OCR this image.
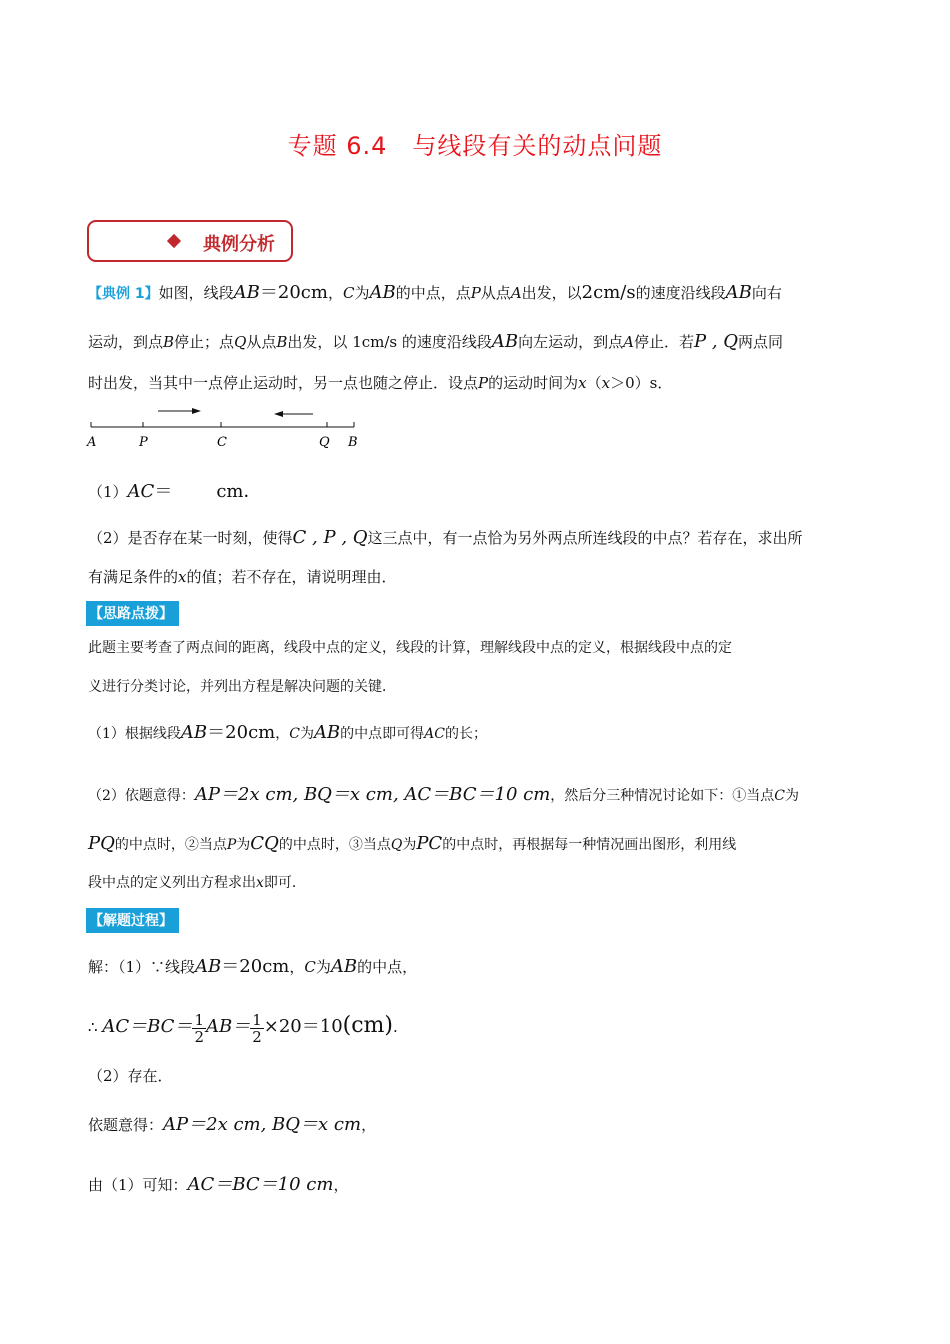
专题 6.4　与线段有关的动点问题
典例分析
【典例 1】如图，线段AB＝20cm，C为AB的中点，点P从点A出发，以2cm/s的速度沿线段AB向右
运动，到点B停止；点Q从点B出发，以 1cm/s 的速度沿线段AB向左运动，到点A停止．若P , Q两点同
时出发，当其中一点停止运动时，另一点也随之停止．设点P的运动时间为x（x＞0）s．
A	P	C	Q B
（1）AC＝ cm．
（2）是否存在某一时刻，使得C , P , Q这三点中，有一点恰为另外两点所连线段的中点？若存在，求出所
有满足条件的x的值；若不存在，请说明理由．
【思路点拨】
此题主要考查了两点间的距离，线段中点的定义，线段的计算，理解线段中点的定义，根据线段中点的定
义进行分类讨论，并列出方程是解决问题的关键．
（1）根据线段AB＝20cm，C为AB的中点即可得AC的长；
（2）依题意得：AP＝2x cm, BQ＝x cm, AC＝BC＝10 cm，然后分三种情况讨论如下：①当点C为
PQ的中点时，②当点P为CQ的中点时，③当点Q为PC的中点时，再根据每一种情况画出图形，利用线
段中点的定义列出方程求出x即可．
【解题过程】
解：（1）∵线段AB＝20cm，C为AB的中点，
∴ $AC=BC= \frac{1}{2} AB= \frac{1}{2} \times 20=10(cm)$.
（2）存在．
依题意得：AP＝2x cm, BQ＝x cm，
由（1）可知：AC＝BC＝10 cm，
